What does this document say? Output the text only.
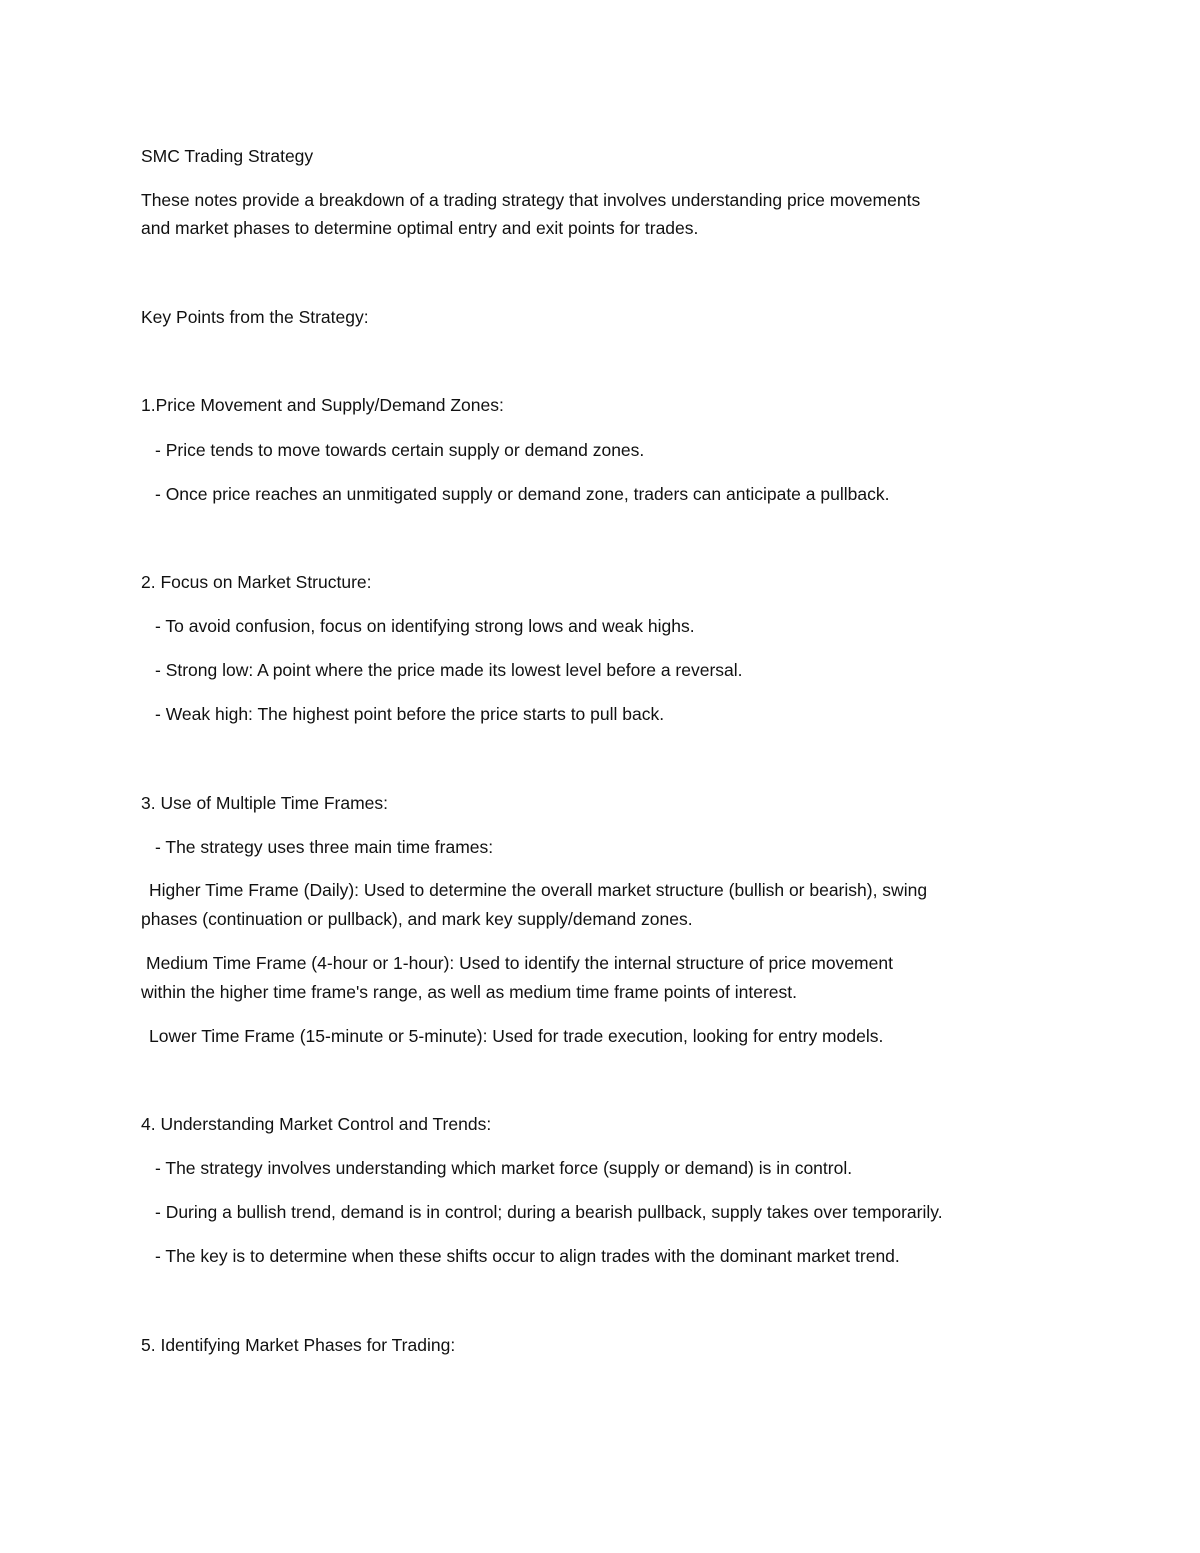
SMC Trading Strategy

These notes provide a breakdown of a trading strategy that involves understanding price movements

and market phases to determine optimal entry and exit points for trades.

Key Points from the Strategy:

1.Price Movement and Supply/Demand Zones:

- Price tends to move towards certain supply or demand zones.

- Once price reaches an unmitigated supply or demand zone, traders can anticipate a pullback.

2. Focus on Market Structure:

- To avoid confusion, focus on identifying strong lows and weak highs.

- Strong low: A point where the price made its lowest level before a reversal.

- Weak high: The highest point before the price starts to pull back.

3. Use of Multiple Time Frames:

- The strategy uses three main time frames:

Higher Time Frame (Daily): Used to determine the overall market structure (bullish or bearish), swing

phases (continuation or pullback), and mark key supply/demand zones.

Medium Time Frame (4-hour or 1-hour): Used to identify the internal structure of price movement

within the higher time frame's range, as well as medium time frame points of interest.

Lower Time Frame (15-minute or 5-minute): Used for trade execution, looking for entry models.

4. Understanding Market Control and Trends:

- The strategy involves understanding which market force (supply or demand) is in control.

- During a bullish trend, demand is in control; during a bearish pullback, supply takes over temporarily.

- The key is to determine when these shifts occur to align trades with the dominant market trend.

5. Identifying Market Phases for Trading:
